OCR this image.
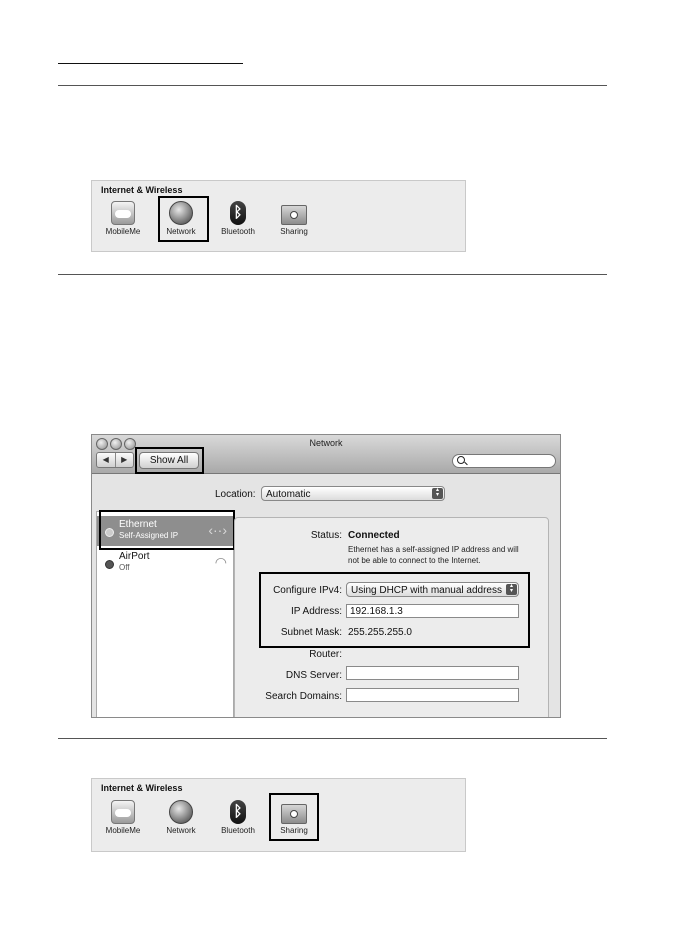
Internet & Wireless
MobileMe	Network
ᛒ
Bluetooth	Sharing
Network
◀	▶	Show All
Location:	Automatic	▴
▾
Ethernet
Self-Assigned IP ‹··›
AirPort
Off	◠
Status: Connected
Ethernet has a self-assigned IP address and will not be able to connect to the Internet.
Configure IPv4: Using DHCP with manual address	▴
▾
IP Address: 192.168.1.3
Subnet Mask: 255.255.255.0
Router:
DNS Server:
Search Domains:
Internet & Wireless
MobileMe	Network
ᛒ
Bluetooth	Sharing
